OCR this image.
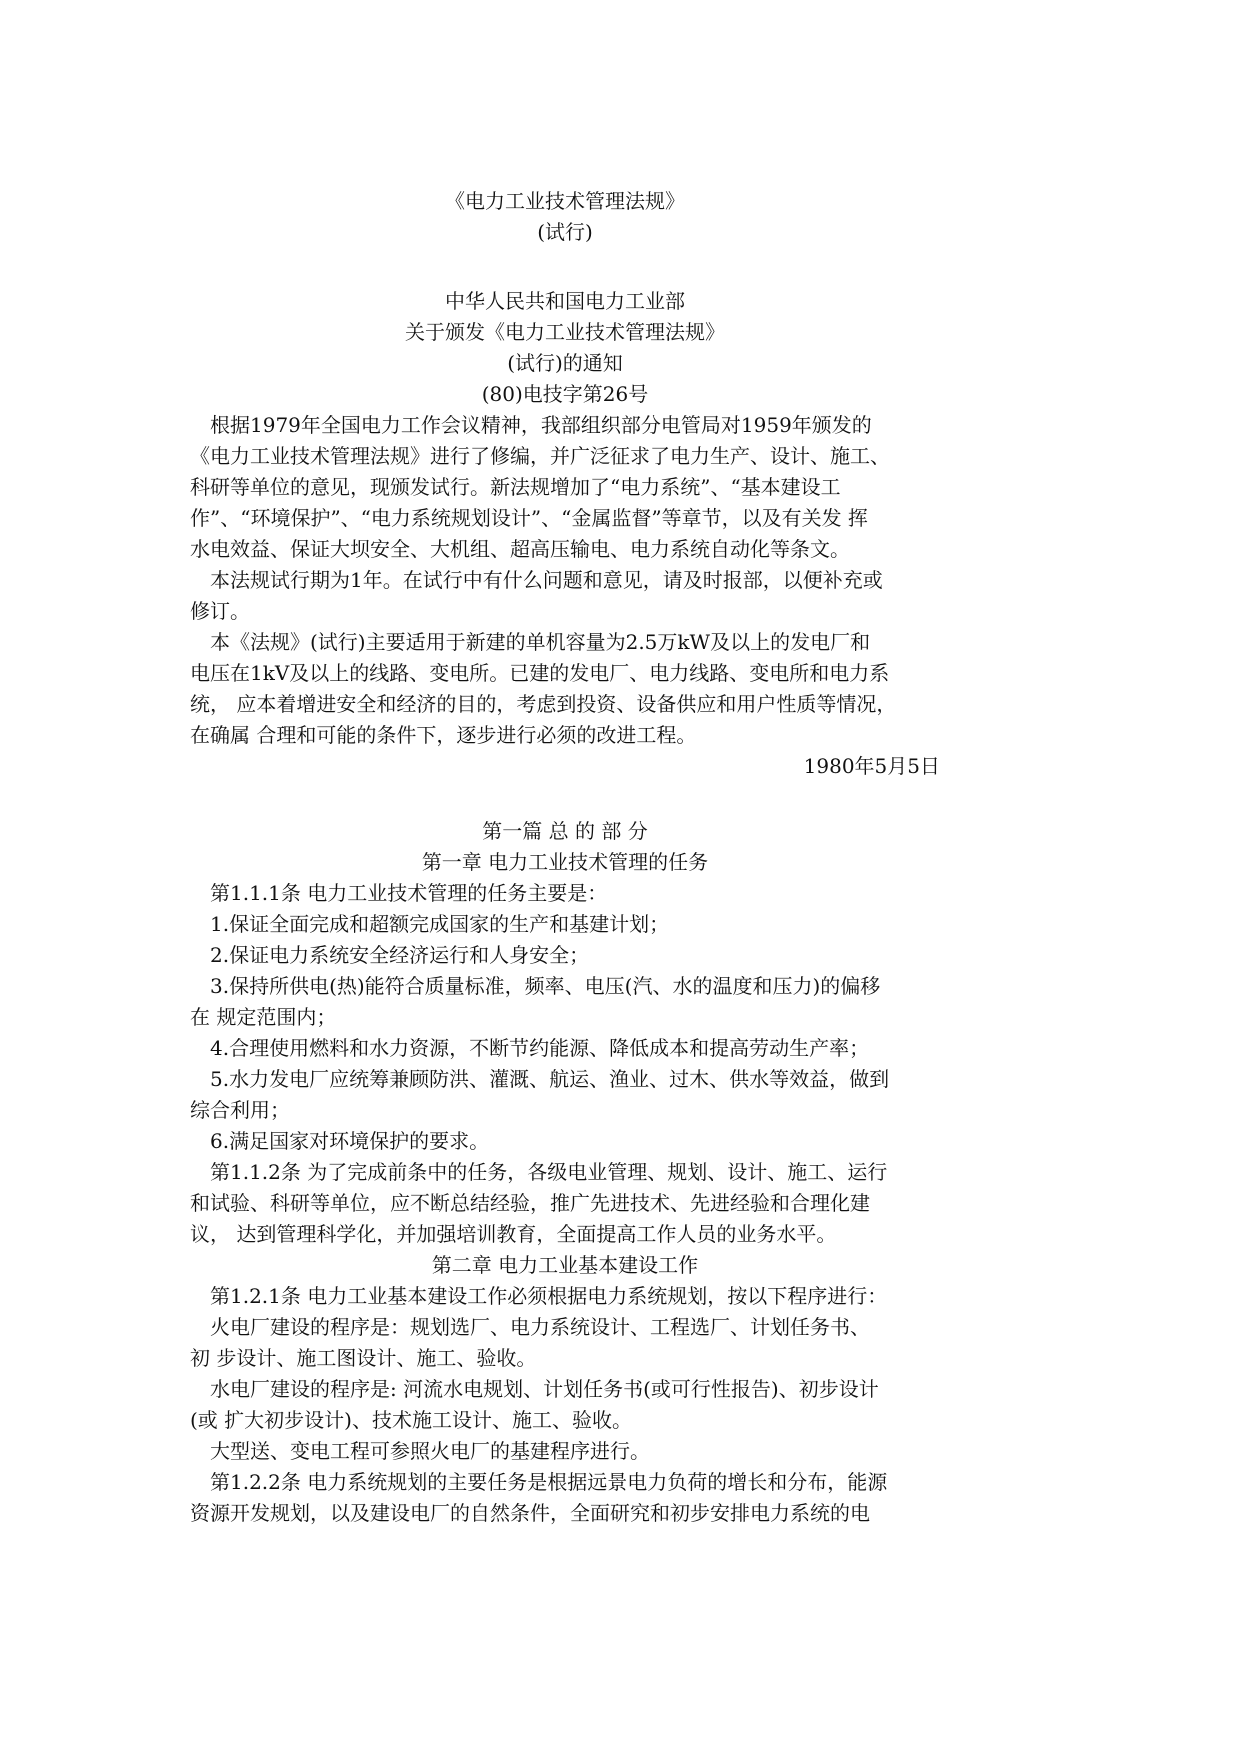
《电力工业技术管理法规》
(试行)
中华人民共和国电力工业部
关于颁发《电力工业技术管理法规》
(试行)的通知
(80)电技字第26号
根据1979年全国电力工作会议精神，我部组织部分电管局对1959年颁发的
《电力工业技术管理法规》进行了修编，并广泛征求了电力生产、设计、施工、
科研等单位的意见，现颁发试行。新法规增加了“电力系统”、“基本建设工
作”、“环境保护”、“电力系统规划设计”、“金属监督”等章节，以及有关发 挥
水电效益、保证大坝安全、大机组、超高压输电、电力系统自动化等条文。
本法规试行期为1年。在试行中有什么问题和意见，请及时报部，以便补充或
修订。
本《法规》(试行)主要适用于新建的单机容量为2.5万kW及以上的发电厂和
电压在1kV及以上的线路、变电所。已建的发电厂、电力线路、变电所和电力系
统， 应本着增进安全和经济的目的，考虑到投资、设备供应和用户性质等情况，
在确属 合理和可能的条件下，逐步进行必须的改进工程。
1980年5月5日
第一篇 总 的 部 分
第一章 电力工业技术管理的任务
第1.1.1条 电力工业技术管理的任务主要是：
1.保证全面完成和超额完成国家的生产和基建计划；
2.保证电力系统安全经济运行和人身安全；
3.保持所供电(热)能符合质量标准，频率、电压(汽、水的温度和压力)的偏移
在 规定范围内；
4.合理使用燃料和水力资源，不断节约能源、降低成本和提高劳动生产率；
5.水力发电厂应统筹兼顾防洪、灌溉、航运、渔业、过木、供水等效益，做到
综合利用；
6.满足国家对环境保护的要求。
第1.1.2条 为了完成前条中的任务，各级电业管理、规划、设计、施工、运行
和试验、科研等单位，应不断总结经验，推广先进技术、先进经验和合理化建
议， 达到管理科学化，并加强培训教育，全面提高工作人员的业务水平。
第二章 电力工业基本建设工作
第1.2.1条 电力工业基本建设工作必须根据电力系统规划，按以下程序进行：
火电厂建设的程序是：规划选厂、电力系统设计、工程选厂、计划任务书、
初 步设计、施工图设计、施工、验收。
水电厂建设的程序是: 河流水电规划、计划任务书(或可行性报告)、初步设计
(或 扩大初步设计)、技术施工设计、施工、验收。
大型送、变电工程可参照火电厂的基建程序进行。
第1.2.2条 电力系统规划的主要任务是根据远景电力负荷的增长和分布，能源
资源开发规划，以及建设电厂的自然条件，全面研究和初步安排电力系统的电
